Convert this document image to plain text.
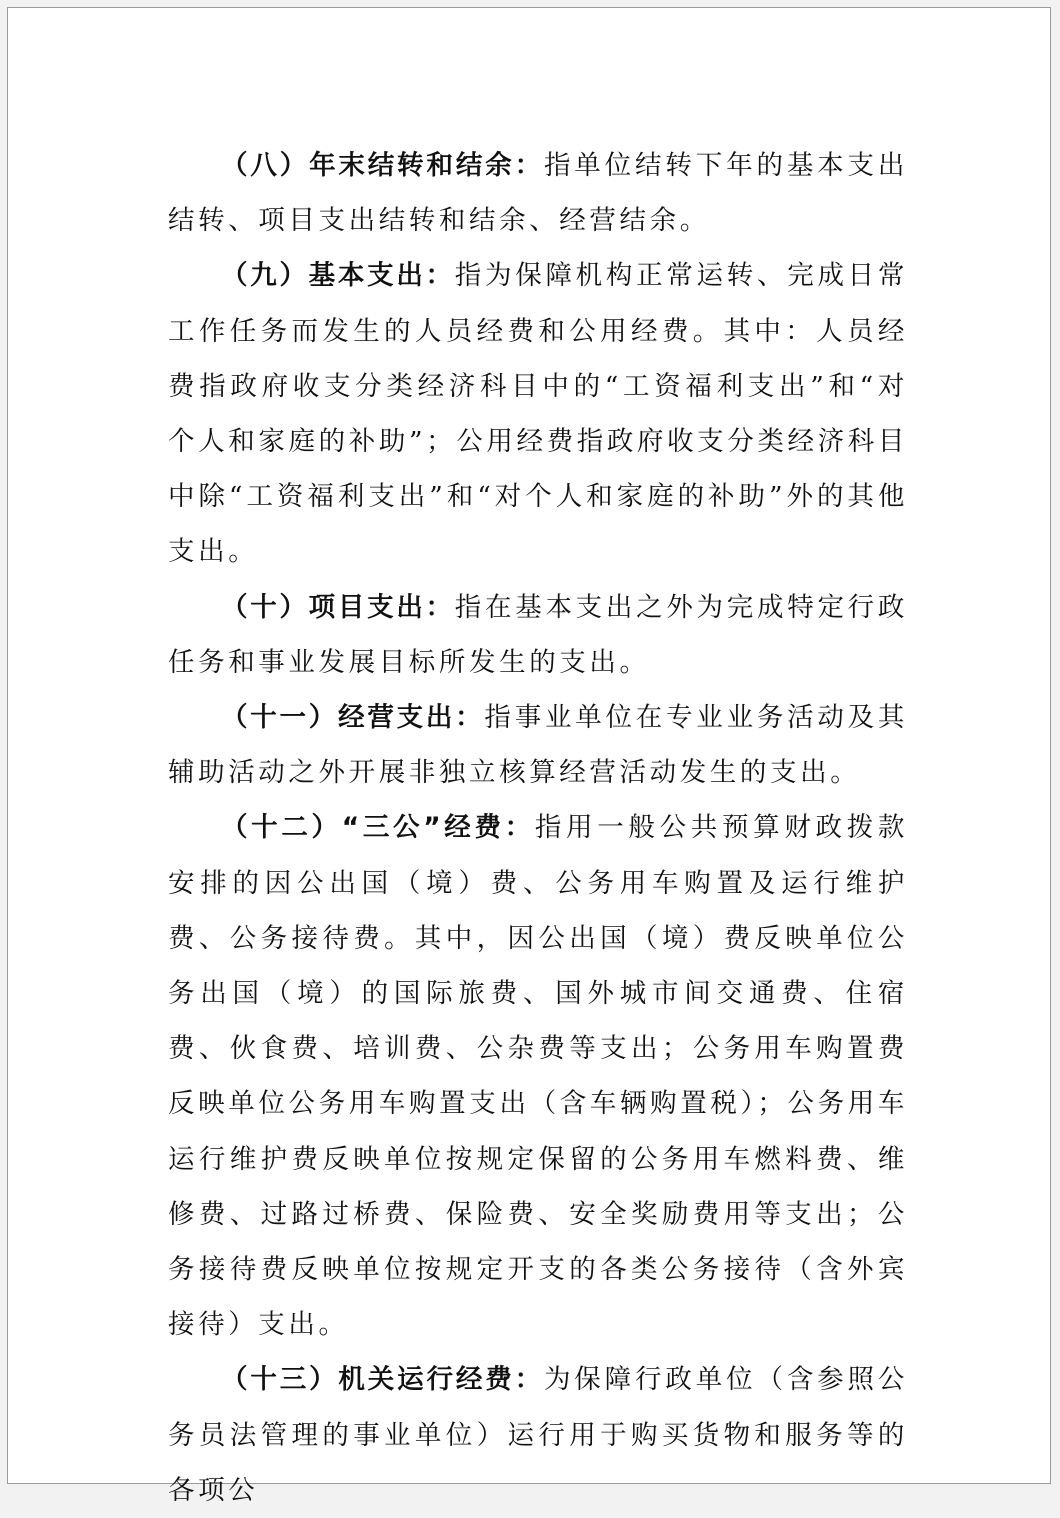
（八）年末结转和结余：指单位结转下年的基本支出结转、项目支出结转和结余、经营结余。

（九）基本支出：指为保障机构正常运转、完成日常工作任务而发生的人员经费和公用经费。其中：人员经费指政府收支分类经济科目中的“工资福利支出”和“对个人和家庭的补助”；公用经费指政府收支分类经济科目中除“工资福利支出”和“对个人和家庭的补助”外的其他支出。

（十）项目支出：指在基本支出之外为完成特定行政任务和事业发展目标所发生的支出。

（十一）经营支出：指事业单位在专业业务活动及其辅助活动之外开展非独立核算经营活动发生的支出。

（十二）“三公”经费：指用一般公共预算财政拨款安排的因公出国（境）费、公务用车购置及运行维护费、公务接待费。其中，因公出国（境）费反映单位公务出国（境）的国际旅费、国外城市间交通费、住宿费、伙食费、培训费、公杂费等支出；公务用车购置费反映单位公务用车购置支出（含车辆购置税）；公务用车运行维护费反映单位按规定保留的公务用车燃料费、维修费、过路过桥费、保险费、安全奖励费用等支出；公务接待费反映单位按规定开支的各类公务接待（含外宾接待）支出。

（十三）机关运行经费：为保障行政单位（含参照公务员法管理的事业单位）运行用于购买货物和服务等的各项公
